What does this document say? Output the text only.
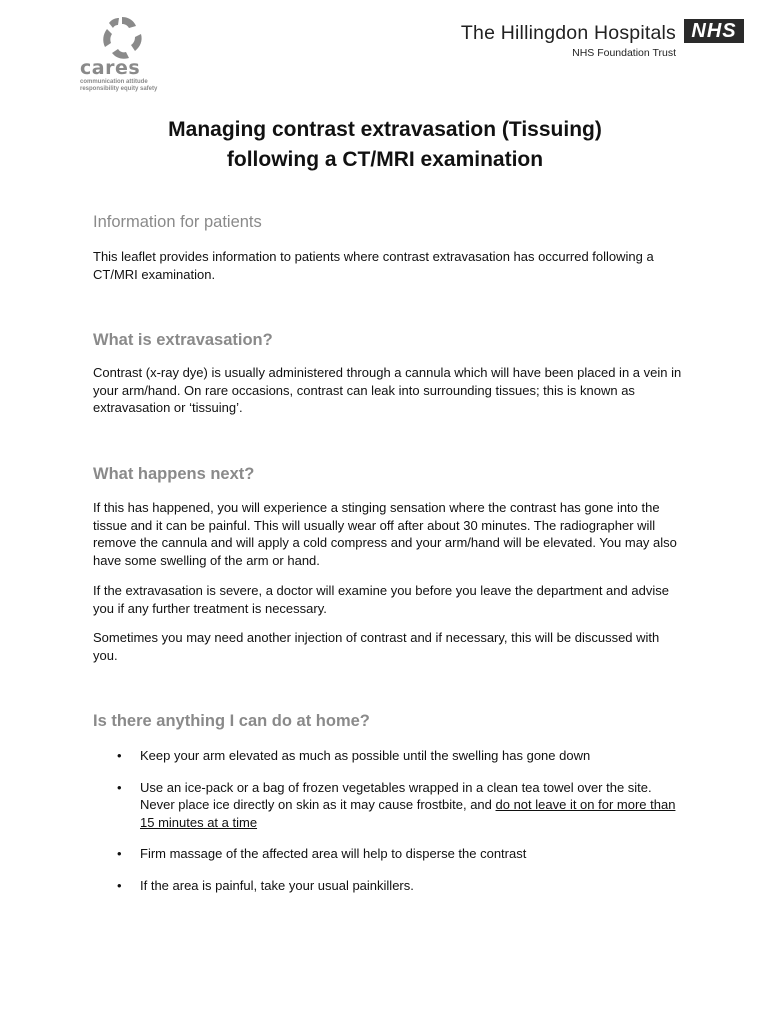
cares
communication attitude
responsibility equity safety
The Hillingdon Hospitals
NHS Foundation Trust
NHS
Managing contrast extravasation (Tissuing)
following a CT/MRI examination
Information for patients
This leaflet provides information to patients where contrast extravasation has occurred following a CT/MRI examination.
What is extravasation?
Contrast (x-ray dye) is usually administered through a cannula which will have been placed in a vein in your arm/hand. On rare occasions, contrast can leak into surrounding tissues; this is known as extravasation or ‘tissuing’.
What happens next?
If this has happened, you will experience a stinging sensation where the contrast has gone into the tissue and it can be painful. This will usually wear off after about 30 minutes. The radiographer will remove the cannula and will apply a cold compress and your arm/hand will be elevated. You may also have some swelling of the arm or hand.
If the extravasation is severe, a doctor will examine you before you leave the department and advise you if any further treatment is necessary.
Sometimes you may need another injection of contrast and if necessary, this will be discussed with you.
Is there anything I can do at home?
• Keep your arm elevated as much as possible until the swelling has gone down
• Use an ice-pack or a bag of frozen vegetables wrapped in a clean tea towel over the site. Never place ice directly on skin as it may cause frostbite, and do not leave it on for more than 15 minutes at a time
• Firm massage of the affected area will help to disperse the contrast
• If the area is painful, take your usual painkillers.
